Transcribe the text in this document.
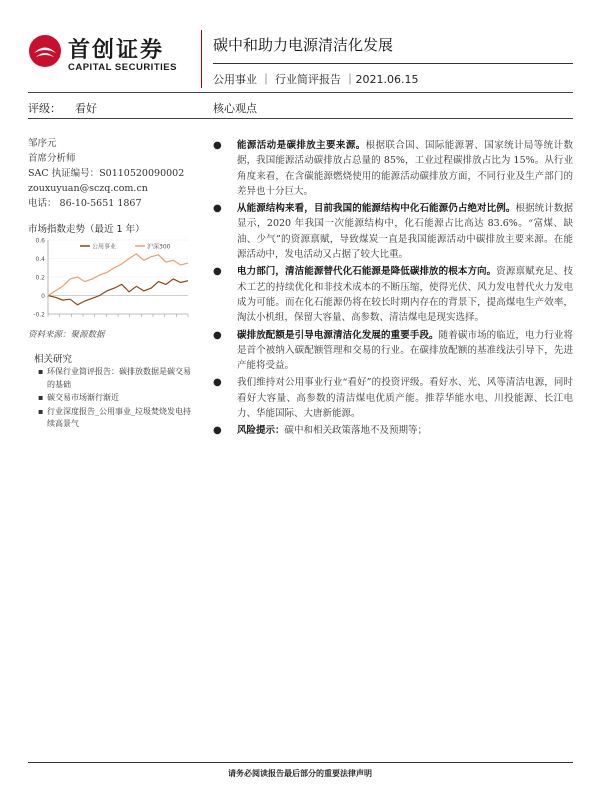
首创证券
CAPITAL SECURITIES
碳中和助力电源清洁化发展
公用事业 ｜ 行业简评报告 ｜2021.06.15
评级： 看好	核心观点
邹序元
首席分析师
SAC 执证编号：S0110520090002
zouxuyuan@sczq.com.cn
电话： 86-10-5651 1867
市场指数走势（最近 1 年）
0.6
0.4
0.2
0
-0.2
公用事业	沪深300
资料来源：聚源数据
相关研究
▪ 环保行业简评报告：碳排放数据是碳交易的基础
▪ 碳交易市场渐行渐近
▪ 行业深度报告_公用事业_垃圾焚烧发电持续高景气
●	能源活动是碳排放主要来源。根据联合国、国际能源署、国家统计局等统计数据，我国能源活动碳排放占总量的 85%，工业过程碳排放占比为 15%。从行业角度来看，在含碳能源燃烧使用的能源活动碳排放方面，不同行业及生产部门的差异也十分巨大。
●	从能源结构来看，目前我国的能源结构中化石能源仍占绝对比例。根据统计数据显示，2020 年我国一次能源结构中，化石能源占比高达 83.6%。“富煤、缺油、少气”的资源禀赋，导致煤炭一直是我国能源活动中碳排放主要来源。在能源活动中，发电活动又占据了较大比重。
●	电力部门，清洁能源替代化石能源是降低碳排放的根本方向。资源禀赋充足、技术工艺的持续优化和非技术成本的不断压缩，使得光伏、风力发电替代火力发电成为可能。而在化石能源仍将在较长时期内存在的背景下，提高煤电生产效率，淘汰小机组，保留大容量、高参数、清洁煤电是现实选择。
●	碳排放配额是引导电源清洁化发展的重要手段。随着碳市场的临近，电力行业将是首个被纳入碳配额管理和交易的行业。在碳排放配额的基准线法引导下，先进产能将受益。
●	我们维持对公用事业行业“看好”的投资评级。看好水、光、风等清洁电源，同时看好大容量、高参数的清洁煤电优质产能。推荐华能水电、川投能源、长江电力、华能国际、大唐新能源。
●	风险提示：碳中和相关政策落地不及预期等；
请务必阅读报告最后部分的重要法律声明
